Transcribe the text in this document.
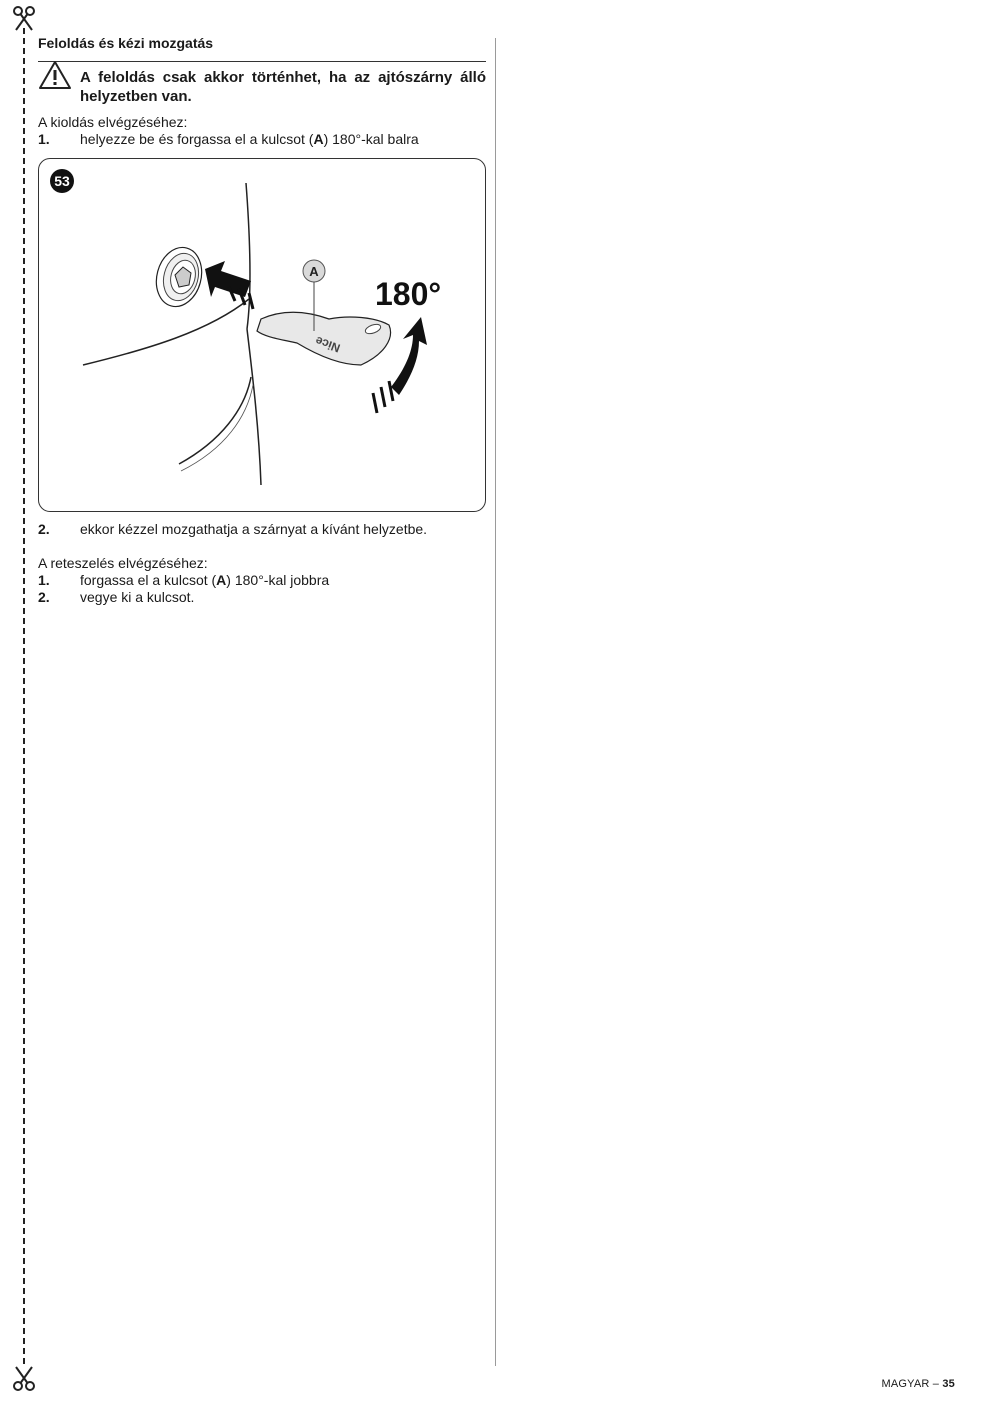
Feloldás és kézi mozgatás

A feloldás csak akkor történhet, ha az ajtószárny álló helyzetben van.

A kioldás elvégzéséhez:

1. helyezze be és forgassa el a kulcsot (A) 180°-kal balra
53
Nice
A
180°
2. ekkor kézzel mozgathatja a szárnyat a kívánt helyzetbe.

A reteszelés elvégzéséhez:

1. forgassa el a kulcsot (A) 180°-kal jobbra
2. vegye ki a kulcsot.
MAGYAR – 35
